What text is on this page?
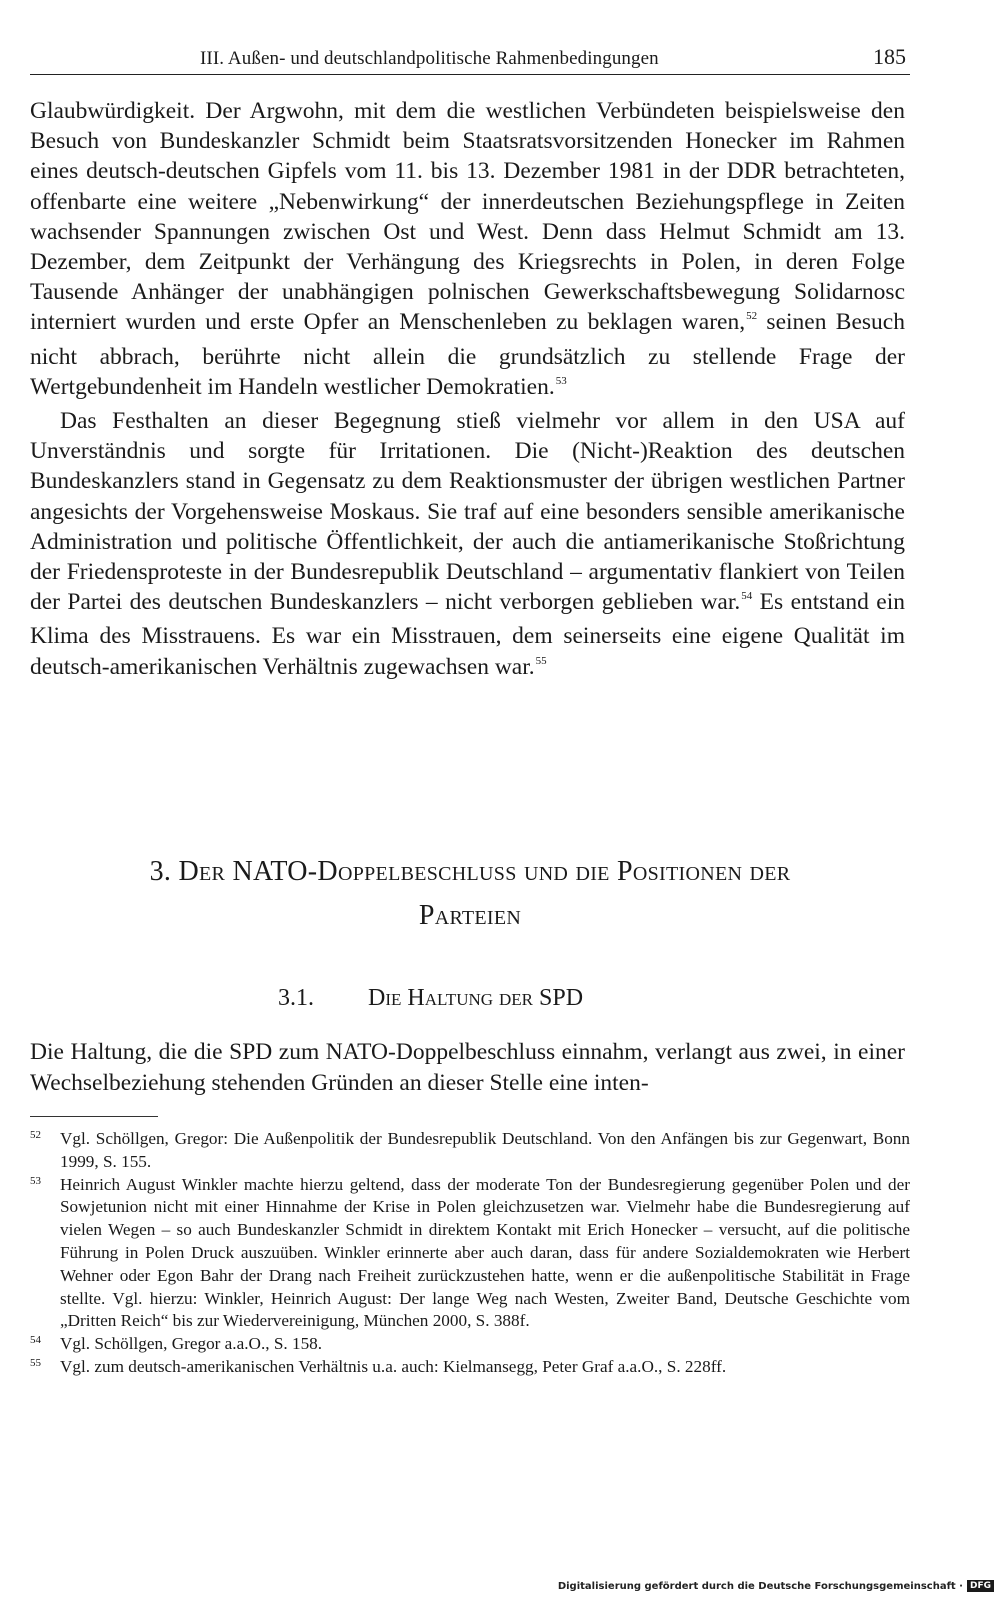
III. Außen- und deutschlandpolitische Rahmenbedingungen	185

Glaubwürdigkeit. Der Argwohn, mit dem die westlichen Verbündeten beispielsweise den Besuch von Bundeskanzler Schmidt beim Staatsratsvorsitzenden Honecker im Rahmen eines deutsch-deutschen Gipfels vom 11. bis 13. Dezember 1981 in der DDR betrachteten, offenbarte eine weitere „Nebenwirkung“ der innerdeutschen Beziehungspflege in Zeiten wachsender Spannungen zwischen Ost und West. Denn dass Helmut Schmidt am 13. Dezember, dem Zeitpunkt der Verhängung des Kriegsrechts in Polen, in deren Folge Tausende Anhänger der unabhängigen polnischen Gewerkschaftsbewegung Solidarnosc interniert wurden und erste Opfer an Menschenleben zu beklagen waren,$^{52}$ seinen Besuch nicht abbrach, berührte nicht allein die grundsätzlich zu stellende Frage der Wertgebundenheit im Handeln westlicher Demokratien.$^{53}$

Das Festhalten an dieser Begegnung stieß vielmehr vor allem in den USA auf Unverständnis und sorgte für Irritationen. Die (Nicht-)Reaktion des deutschen Bundeskanzlers stand in Gegensatz zu dem Reaktionsmuster der übrigen westlichen Partner angesichts der Vorgehensweise Moskaus. Sie traf auf eine besonders sensible amerikanische Administration und politische Öffentlichkeit, der auch die antiamerikanische Stoßrichtung der Friedensproteste in der Bundesrepublik Deutschland – argumentativ flankiert von Teilen der Partei des deutschen Bundeskanzlers – nicht verborgen geblieben war.$^{54}$ Es entstand ein Klima des Misstrauens. Es war ein Misstrauen, dem seinerseits eine eigene Qualität im deutsch-amerikanischen Verhältnis zugewachsen war.$^{55}$

3. Der NATO-Doppelbeschluss und die Positionen der
Parteien
3.1. Die Haltung der SPD
Die Haltung, die die SPD zum NATO-Doppelbeschluss einnahm, verlangt aus zwei, in einer Wechselbeziehung stehenden Gründen an dieser Stelle eine inten-
52 Vgl. Schöllgen, Gregor: Die Außenpolitik der Bundesrepublik Deutschland. Von den Anfängen bis zur Gegenwart, Bonn 1999, S. 155.
53 Heinrich August Winkler machte hierzu geltend, dass der moderate Ton der Bundesregierung gegenüber Polen und der Sowjetunion nicht mit einer Hinnahme der Krise in Polen gleichzusetzen war. Vielmehr habe die Bundesregierung auf vielen Wegen – so auch Bundeskanzler Schmidt in direktem Kontakt mit Erich Honecker – versucht, auf die politische Führung in Polen Druck auszuüben. Winkler erinnerte aber auch daran, dass für andere Sozialdemokraten wie Herbert Wehner oder Egon Bahr der Drang nach Freiheit zurückzustehen hatte, wenn er die außenpolitische Stabilität in Frage stellte. Vgl. hierzu: Winkler, Heinrich August: Der lange Weg nach Westen, Zweiter Band, Deutsche Geschichte vom „Dritten Reich“ bis zur Wiedervereinigung, München 2000, S. 388f.
54 Vgl. Schöllgen, Gregor a.a.O., S. 158.
55 Vgl. zum deutsch-amerikanischen Verhältnis u.a. auch: Kielmansegg, Peter Graf a.a.O., S. 228ff.
Digitalisierung gefördert durch die Deutsche Forschungsgemeinschaft · DFG
